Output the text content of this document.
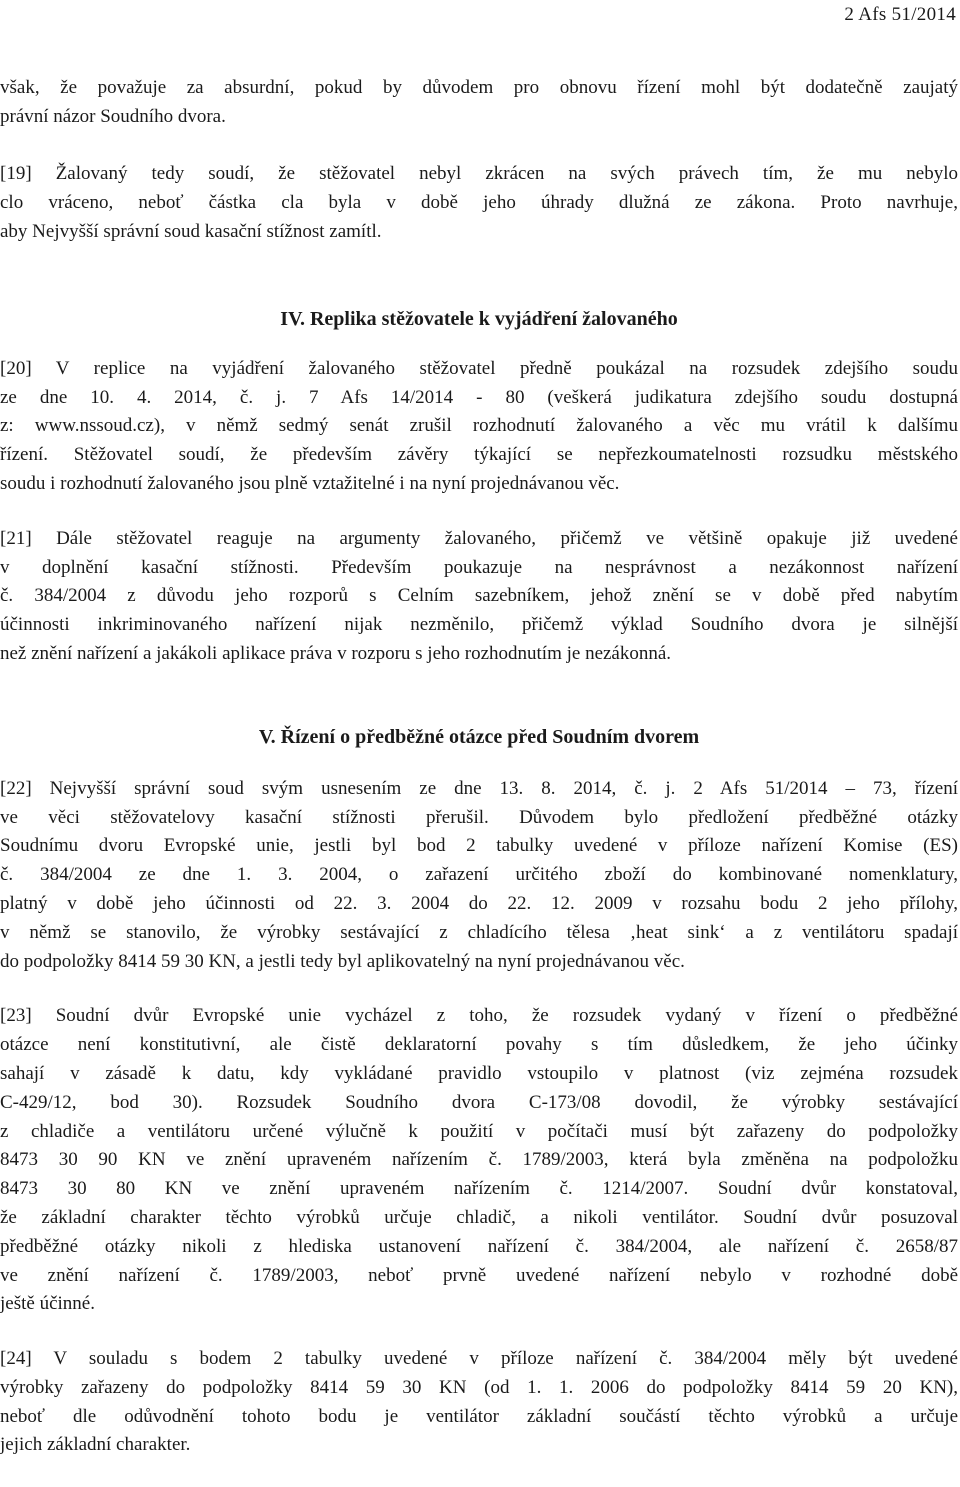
2 Afs 51/2014
však, že považuje za absurdní, pokud by důvodem pro obnovu řízení mohl být dodatečně zaujatý
právní názor Soudního dvora.
[19] Žalovaný tedy soudí, že stěžovatel nebyl zkrácen na svých právech tím, že mu nebylo
clo vráceno, neboť částka cla byla v době jeho úhrady dlužná ze zákona. Proto navrhuje,
aby Nejvyšší správní soud kasační stížnost zamítl.
IV. Replika stěžovatele k vyjádření žalovaného
[20] V replice na vyjádření žalovaného stěžovatel předně poukázal na rozsudek zdejšího soudu
ze dne 10. 4. 2014, č. j. 7 Afs 14/2014 - 80 (veškerá judikatura zdejšího soudu dostupná
z: www.nssoud.cz), v němž sedmý senát zrušil rozhodnutí žalovaného a věc mu vrátil k dalšímu
řízení. Stěžovatel soudí, že především závěry týkající se nepřezkoumatelnosti rozsudku městského
soudu i rozhodnutí žalovaného jsou plně vztažitelné i na nyní projednávanou věc.
[21] Dále stěžovatel reaguje na argumenty žalovaného, přičemž ve většině opakuje již uvedené
v doplnění kasační stížnosti. Především poukazuje na nesprávnost a nezákonnost nařízení
č. 384/2004 z důvodu jeho rozporů s Celním sazebníkem, jehož znění se v době před nabytím
účinnosti inkriminovaného nařízení nijak nezměnilo, přičemž výklad Soudního dvora je silnější
než znění nařízení a jakákoli aplikace práva v rozporu s jeho rozhodnutím je nezákonná.
V. Řízení o předběžné otázce před Soudním dvorem
[22] Nejvyšší správní soud svým usnesením ze dne 13. 8. 2014, č. j. 2 Afs 51/2014 – 73, řízení
ve věci stěžovatelovy kasační stížnosti přerušil. Důvodem bylo předložení předběžné otázky
Soudnímu dvoru Evropské unie, jestli byl bod 2 tabulky uvedené v příloze nařízení Komise (ES)
č. 384/2004 ze dne 1. 3. 2004, o zařazení určitého zboží do kombinované nomenklatury,
platný v době jeho účinnosti od 22. 3. 2004 do 22. 12. 2009 v rozsahu bodu 2 jeho přílohy,
v němž se stanovilo, že výrobky sestávající z chladícího tělesa ‚heat sink‘ a z ventilátoru spadají
do podpoložky 8414 59 30 KN, a jestli tedy byl aplikovatelný na nyní projednávanou věc.
[23] Soudní dvůr Evropské unie vycházel z toho, že rozsudek vydaný v řízení o předběžné
otázce není konstitutivní, ale čistě deklaratorní povahy s tím důsledkem, že jeho účinky
sahají v zásadě k datu, kdy vykládané pravidlo vstoupilo v platnost (viz zejména rozsudek
C-429/12, bod 30). Rozsudek Soudního dvora C-173/08 dovodil, že výrobky sestávající
z chladiče a ventilátoru určené výlučně k použití v počítači musí být zařazeny do podpoložky
8473 30 90 KN ve znění upraveném nařízením č. 1789/2003, která byla změněna na podpoložku
8473 30 80 KN ve znění upraveném nařízením č. 1214/2007. Soudní dvůr konstatoval,
že základní charakter těchto výrobků určuje chladič, a nikoli ventilátor. Soudní dvůr posuzoval
předběžné otázky nikoli z hlediska ustanovení nařízení č. 384/2004, ale nařízení č. 2658/87
ve znění nařízení č. 1789/2003, neboť prvně uvedené nařízení nebylo v rozhodné době
ještě účinné.
[24] V souladu s bodem 2 tabulky uvedené v příloze nařízení č. 384/2004 měly být uvedené
výrobky zařazeny do podpoložky 8414 59 30 KN (od 1. 1. 2006 do podpoložky 8414 59 20 KN),
neboť dle odůvodnění tohoto bodu je ventilátor základní součástí těchto výrobků a určuje
jejich základní charakter.
